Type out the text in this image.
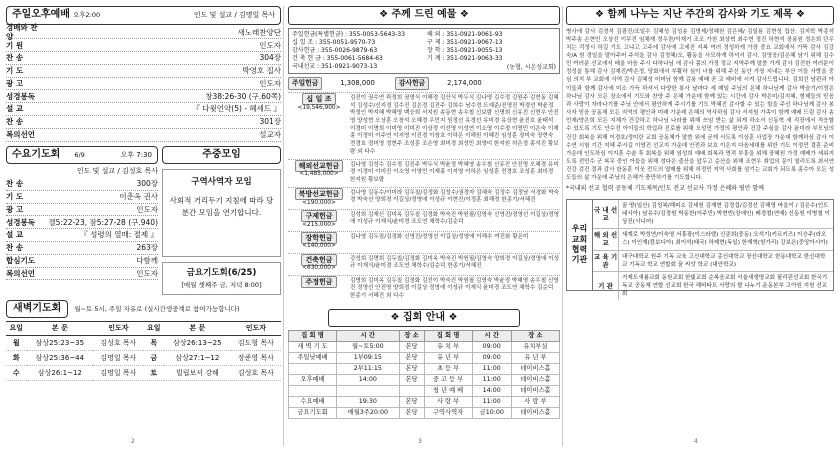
주일오후예배 오후2:00	인도 및 설교 / 김명일 목사
경배와 찬양
새노래찬양단
기 원	인도자
찬 송	304장
기 도	박영호 집사
광 고	인도자
성경봉독	창38:26-30 (구.60쪽)
설 교	『 다윗언약(5) - 헤세드 』
찬 송	301장
복의선언	설교자
수요기도회 6/9	오후 7:30
인도 및 설교 / 김성호 목사
찬 송	300장
기 도	이춘옥 권사
광 고	인도자
성경봉독	겔5:22-23, 잠5:27-28 (구.940)
설 교	『 성령의 열매: 절제 』
찬 송	263장
합심기도	다함께
복의선언	인도자
주중모임
구역사역자 모임
사회적 거리두기 지침에 따라 당분간 모임을 연기합니다.
금요기도회(6/25)
[매월 셋째주 금, 저녁 8:00]
새벽기도회	월~토 5시, 주일 자유로 (실시간생중계로 참여가능합니다)
요일	본 문	인도자	요일	본 문	인도자
월	삼상25:23~35	김성호 목사	목	삼상26:13~25	김도형 목사
화	삼상25:36~44	김명일 목사	금	삼상27:1~12	장준영 목사
수	삼상26:1~12	김명일 목사	토	빌립보서 강해	김성호 목사
2
❖ 주께 드린 예물 ❖
주일헌금(특별헌금) : 355-0053-5643-33
십 일 조 : 355-0051-9570-73
감사헌금 : 355-0026-9879-63
건 축 헌 금 : 355-0061-5684-63
국내선교 : 351-0921-9073-13
해 외 : 351-0921-9061-93
구 제 : 351-0921-9067-13
장 학 : 351-0921-9055-13
기 계 : 351-0921-9063-33
(농협, 시온성교회)
주일헌금	1,308,000	감사헌금	2,174,000
십 일 조
<19,546,900>
김진이 권수연 곽정희 권영식 이해경 김산식 박두식 김나영 김수정 김원주 김현동 김혜석 김성수/신지경 김수진 김은정 김진주 김희수 남수정 도예준/진영진 박경선 박윤정 박정인 박지혜 박혜영 백승희 서지원 송동현 송우철 신보람 신명희 신유진 신현우 안진영 양성현 오상훈 오창석 오혜경 우민지 원정선 유경선 유미경 유상현 윤진호 윤태석 이경미 이명희 이미영 이미진 이상경 이선영 이성연 이소영 이수정 이영민 이은숙 이재홍 이정미 이주연 이지영 이진경 이창호 이하은 이해원 이혜진 임성훈 장미숙 장현숙 전경호 정미영 정현주 조성훈 조은영 최미경 최성민 최영미 한지원 허은정 홍석진 황보람 외 다수
해외선교헌금
<1,485,000>
김나영 김성수 김수정 김진주 박두식 박윤정 박혜영 송우철 신유진 안진영 오혜경 유미경 이경미 이미진 이소영 이영민 이재홍 이지영 이하은 임성훈 전경호 조성훈 최미경 한지원 황보람
북방선교헌금
<190,000>
김나영 김동수/이미라 김두칠/김정화 김성수/권경자 김혜숙 김정수 김정남 서경화 박숙경 박숙선 양희경 이길상/정영애 이성규 이현진/이정훈 최해정 한종기/서혜진
구제헌금
<215,000>
김성희 김재신 김미옥 김두칠 김정화 박숙진 박원필/김영숙 신영진/정영선 이길상/정영애 이성규 이재식/윤미경 조도연 채학수/김순덕
장학헌금
<140,000>
김나영 김두칠/김정화 신영진/정영선 이길상/정영애 이해수 여진화 황은미
건축헌금
<630,000>
강성희 김명희 김두칠/김정화 김미옥 박숙진 박원필/김영숙 양희경 이길상/정영애 이성규 이재식/윤미경 조도연 채학수/김순덕 한종기/서혜진
주정헌금	김명희 김미옥 김두칠 김정화 김진이 박숙진 박원필 김영숙 박윤정 박혜영 송우철 신영진 정영선 안진영 양희경 이길상 정영애 이성규 이재식 윤미경 조도연 채학수 김순덕 한종기 서혜진 외 다수
❖ 집회 안내 ❖
집 회 명	시 간	장 소	집 회 명	시 간	장 소
새 벽 기 도	월~토5:00	본당	유 치 부	09:00	유치부실
주일낮예배	1부09:15	본당	유 년 부	09:00	유 년 부
	2부11:15	본당	초 등 부	11:00	데이비스홀
오후예배	14:00	본당	중 고 등 부	11:00	데이비스홀
			청 년 예 배	14:00	데이비스홀
수요예배	19:30	본당	사 랑 부	11:00	사 랑 부
금요기도회	매월3주20:00	본당	구역사역자	금10:00	데이비스홀
3
❖ 함께 나누는 지난 주간의 감사와 기도 제목 ❖
병사에 감사 김경석 김광진/조일수 김혜성 김성송 김명제/정혜원 김은혜/ 김일용 김현성 집산: 김지학 박종석 박주송 손현민 오상진 이무진 임채재 정우찬/이재기 조조 가천 최상혁 최수현 정진 하현석 장용원 정은희 단우 치는 걱정시 하길 기도 고냐고 고주에 감사에 고세진 지복 여러 정성하게 가장 중요 교회에서 가뜩 감사 김강숙/A 원 경일을 말아주어 주석을 감사 김정혜/오, 활동을 사모하게 하셔서 감사. 김영웅/김은혜 남기 위해 김수민 여러분 선교에서 배울 마음 주시 다하나님 에 감사 몸의 가정 정교 지역주께 말씀 가게 감사 김진한 여러분이 정성을 통해 감사 김재진/박은정, 당회에서 부활하 심이 너를 위해 주신 동안 가장 지내는 부산 이들 사랑을 중심 의지 부 교회에 사역 감사 김혜성 어머님 함께 김용 예배 곧 교 예비에 시켜 감사드립니다. 김희진 남편과 아이들과 함께 감사에 미소 가득 하셔서 다양한 봉사 날마다 세 매일 주님의 은혜 하나님께 감사 박슬기/이정은 하나님 감사 모든 장소에서 기도와 찬양 주 은혜 가운데 함께 있는 시간에 감사 박은미/김지혜, 형제들의 믿음과 사랑이 자라나기를 주님 안에서 평안하게 주시기를 기도 박혜진 감사할 수 있는 힘을 주신 하나님께 감사 봉사자 믿음 공동체 모든 지역의 평안과 미래 가운데 은혜의 역사하심 감사 서지원 가족이 함께 예배 드림 감사 송민재/양은희 모든 지체가 건강하고 하나님 나라를 위해 쓰임 받는 삶 되게 하소서 신동혁 새 직장에서 적응할 수 있도록 기도 안수진 아이들의 학업과 진로를 위해 오성민 가정의 평안과 건강 주심을 감사 윤미라 부모님의 건강 회복을 위해 이경호/정미란 교회 공동체가 말씀 위에 굳게 서도록 이상훈 사업장 가운데 함께하심 감사 이수연 시험 기간 지혜 주시길 이영진 선교지 가운데 안전과 보호 이은지 다음세대를 위한 기도 이정민 결혼 준비 가운데 인도하심 이지훈 수술 후 회복을 위해 임성희 예배 회복과 영적 부흥을 위해 장혜원 가정 예배가 세워지도록 전민수 군 복무 중인 아들을 위해 정다은 출산을 앞두고 순산을 위해 조현우 취업의 문이 열리도록 최서연 건강 검진 결과 감사 한동훈 이웃 전도의 열매를 위해 허정민 지역 사회를 섬기는 교회가 되도록 홍수아 모든 성도들의 삶 가운데 주님의 은혜가 충만하기를 기도합니다.
*국내외 선교 협력 공동체 기도제목/인도 전교 선교사 가정 은혜와 평안 함께
우리교회 협력기관
국 내 선 교
꿈 땅(일산) 김성복/해피소 김세원 김재현 김정섭/김정선 김해영 마을이 / 김은수(인도네시아) 남유수/김정원 박동한(이주민) 박현빈(장애인) 배경철(연예) 신동원 이병철 이상진(시니어)
해 외 선 교
세계로 박성연/이숙영 서흥광(이스라엘) 신준희(중동) 오석기(키르키즈) 이승주(라오스) 이인재(캄보디아) 최이석(태국) 하제현(독일) 한재혁(헝가리) 강보은(중앙아시아)
교 육 기 관
대구대학교 원주 기독 교육 고신대학교 총신대학교 장신대학교 한동대학교 한신대학교 기독교 학교 연합회 꿈 씨앗 학교 (대안학교)
기 관
거제도새봄교회 동원교회 한빛교회 순복음교회 서울새생명교회 필리핀선교회 한국기독교 공동체 연합 선교회 한국 해비타트 사랑의 쌀 나누기 운동본부 고아원 지원 선교회
4
